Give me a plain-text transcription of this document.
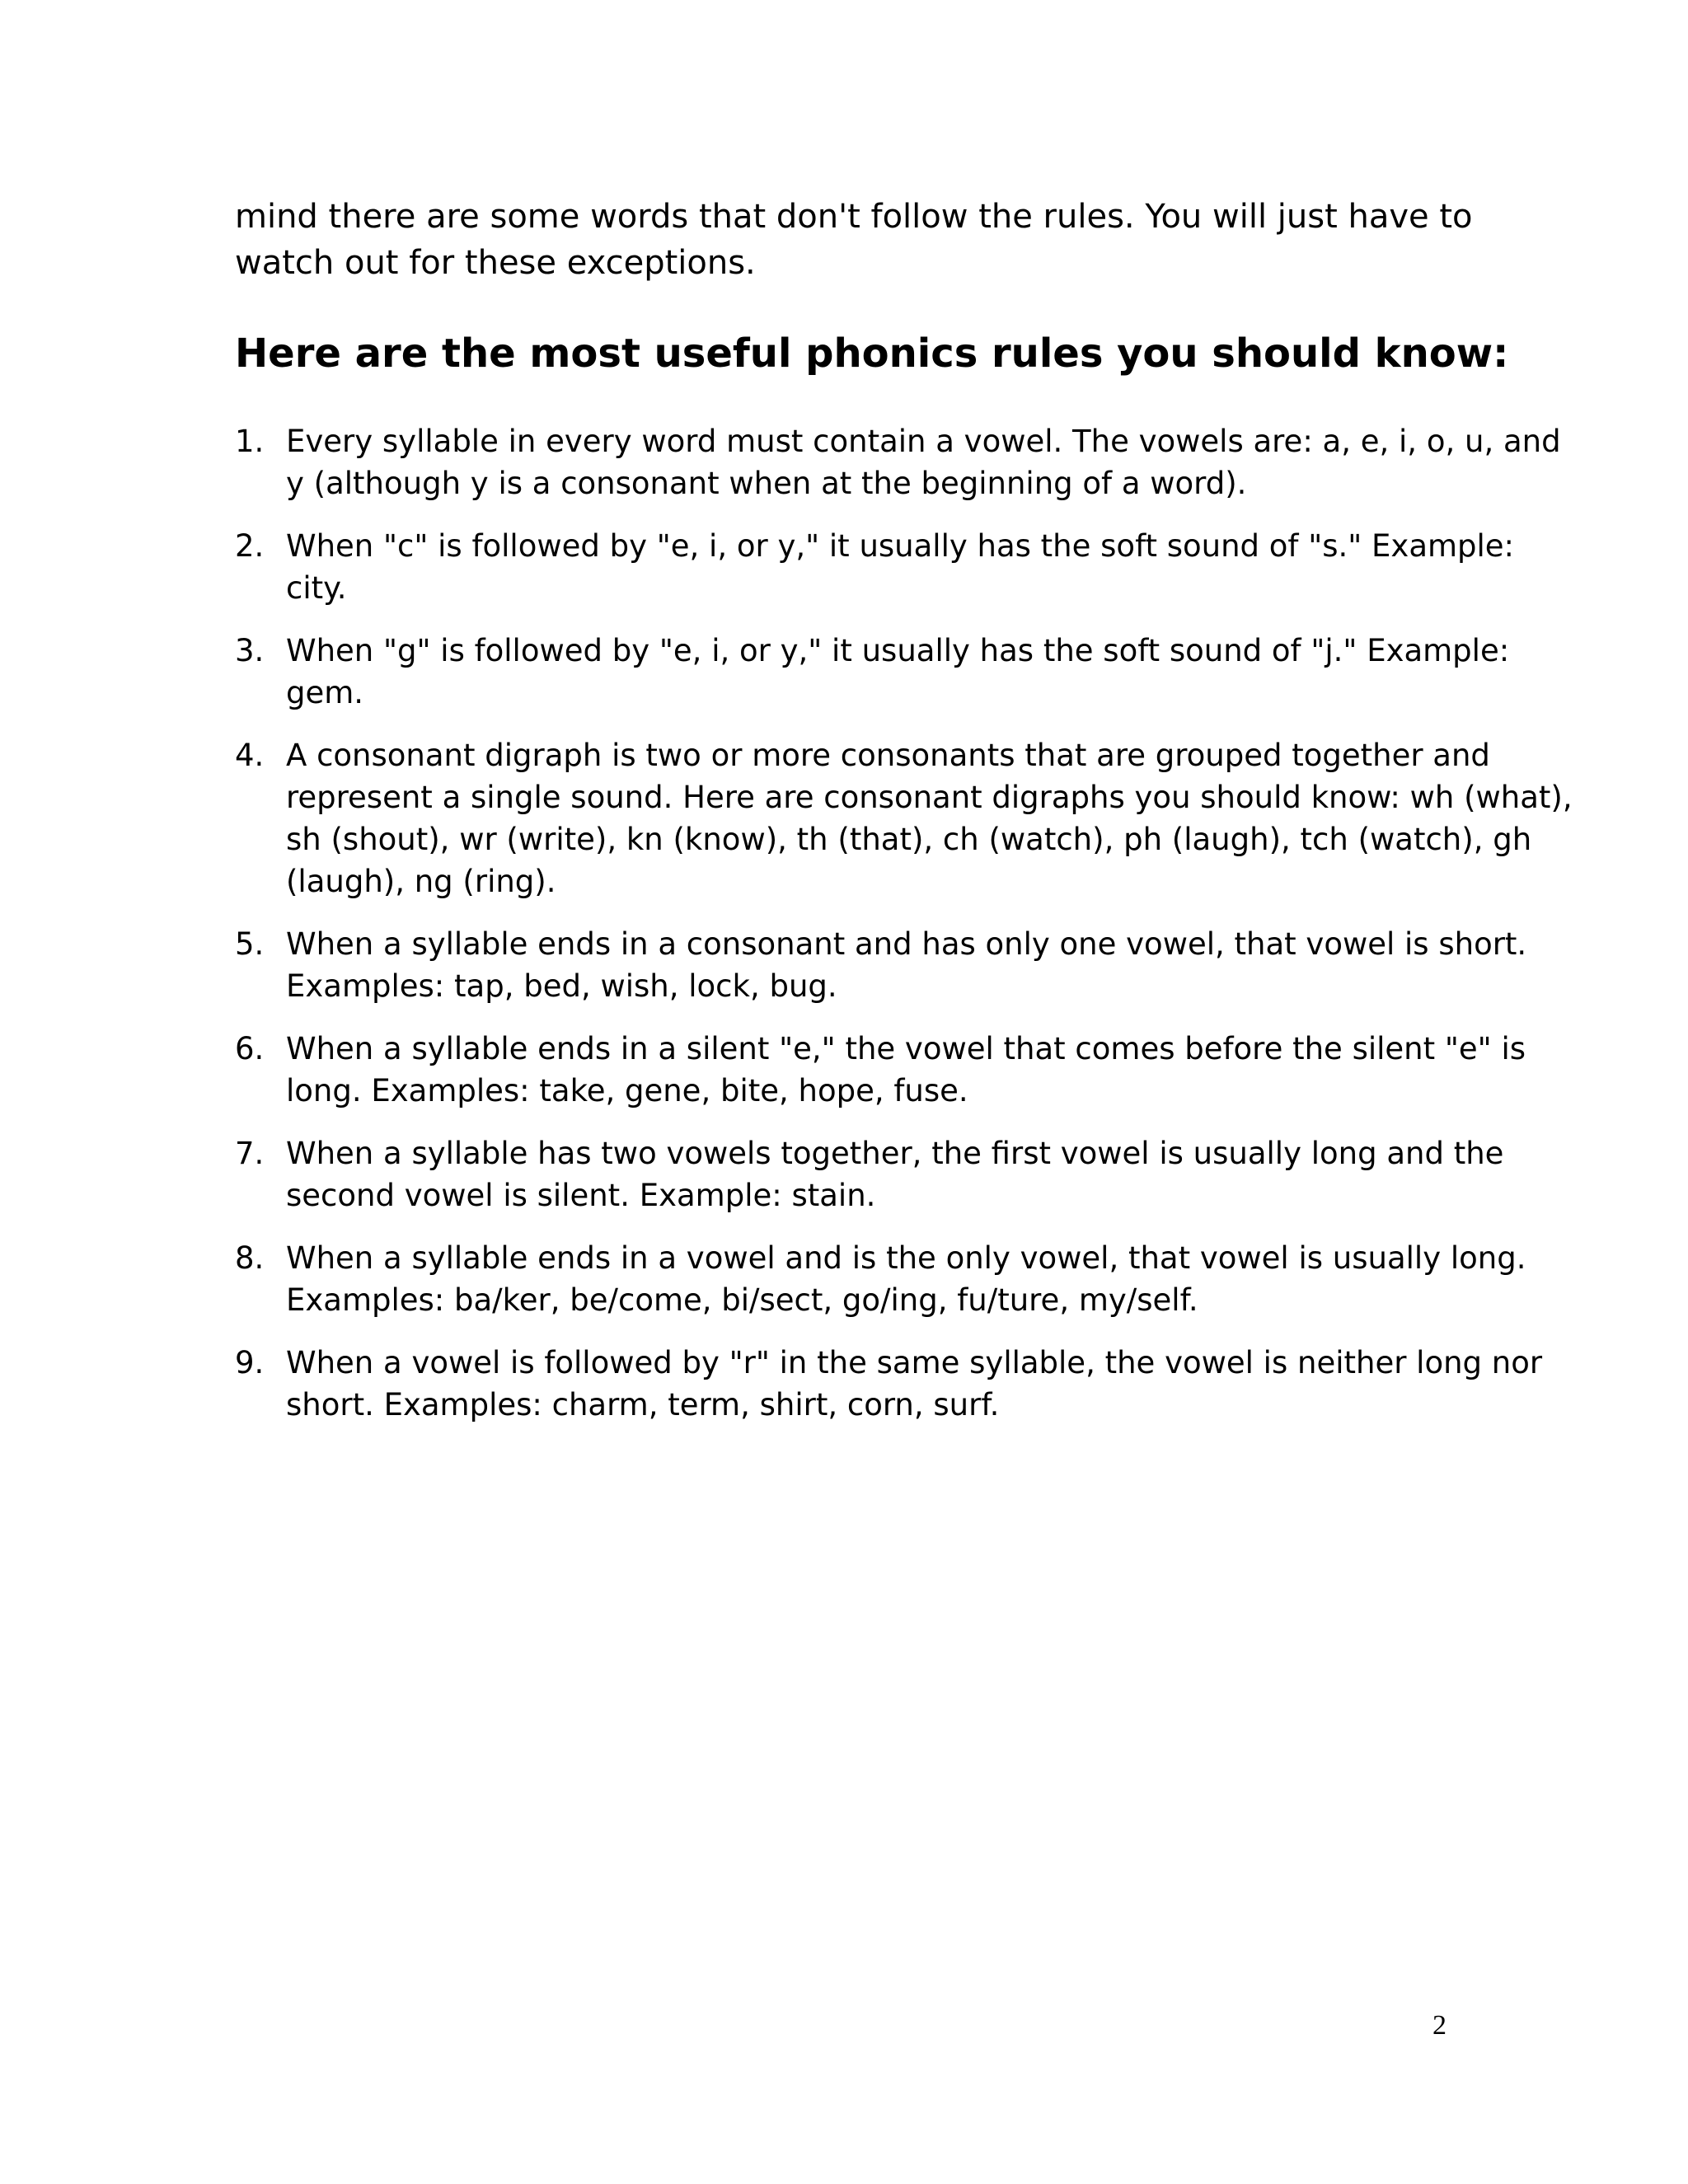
mind there are some words that don't follow the rules. You will just have to
watch out for these exceptions.

Here are the most useful phonics rules you should know:
1. Every syllable in every word must contain a vowel. The vowels are: a, e, i, o, u, and
y (although y is a consonant when at the beginning of a word).
2. When "c" is followed by "e, i, or y," it usually has the soft sound of "s." Example:
city.
3. When "g" is followed by "e, i, or y," it usually has the soft sound of "j." Example:
gem.
4. A consonant digraph is two or more consonants that are grouped together and
represent a single sound. Here are consonant digraphs you should know: wh (what),
sh (shout), wr (write), kn (know), th (that), ch (watch), ph (laugh), tch (watch), gh
(laugh), ng (ring).
5. When a syllable ends in a consonant and has only one vowel, that vowel is short.
Examples: tap, bed, wish, lock, bug.
6. When a syllable ends in a silent "e," the vowel that comes before the silent "e" is
long. Examples: take, gene, bite, hope, fuse.
7. When a syllable has two vowels together, the first vowel is usually long and the
second vowel is silent. Example: stain.
8. When a syllable ends in a vowel and is the only vowel, that vowel is usually long.
Examples: ba/ker, be/come, bi/sect, go/ing, fu/ture, my/self.
9. When a vowel is followed by "r" in the same syllable, the vowel is neither long nor
short. Examples: charm, term, shirt, corn, surf.
2
